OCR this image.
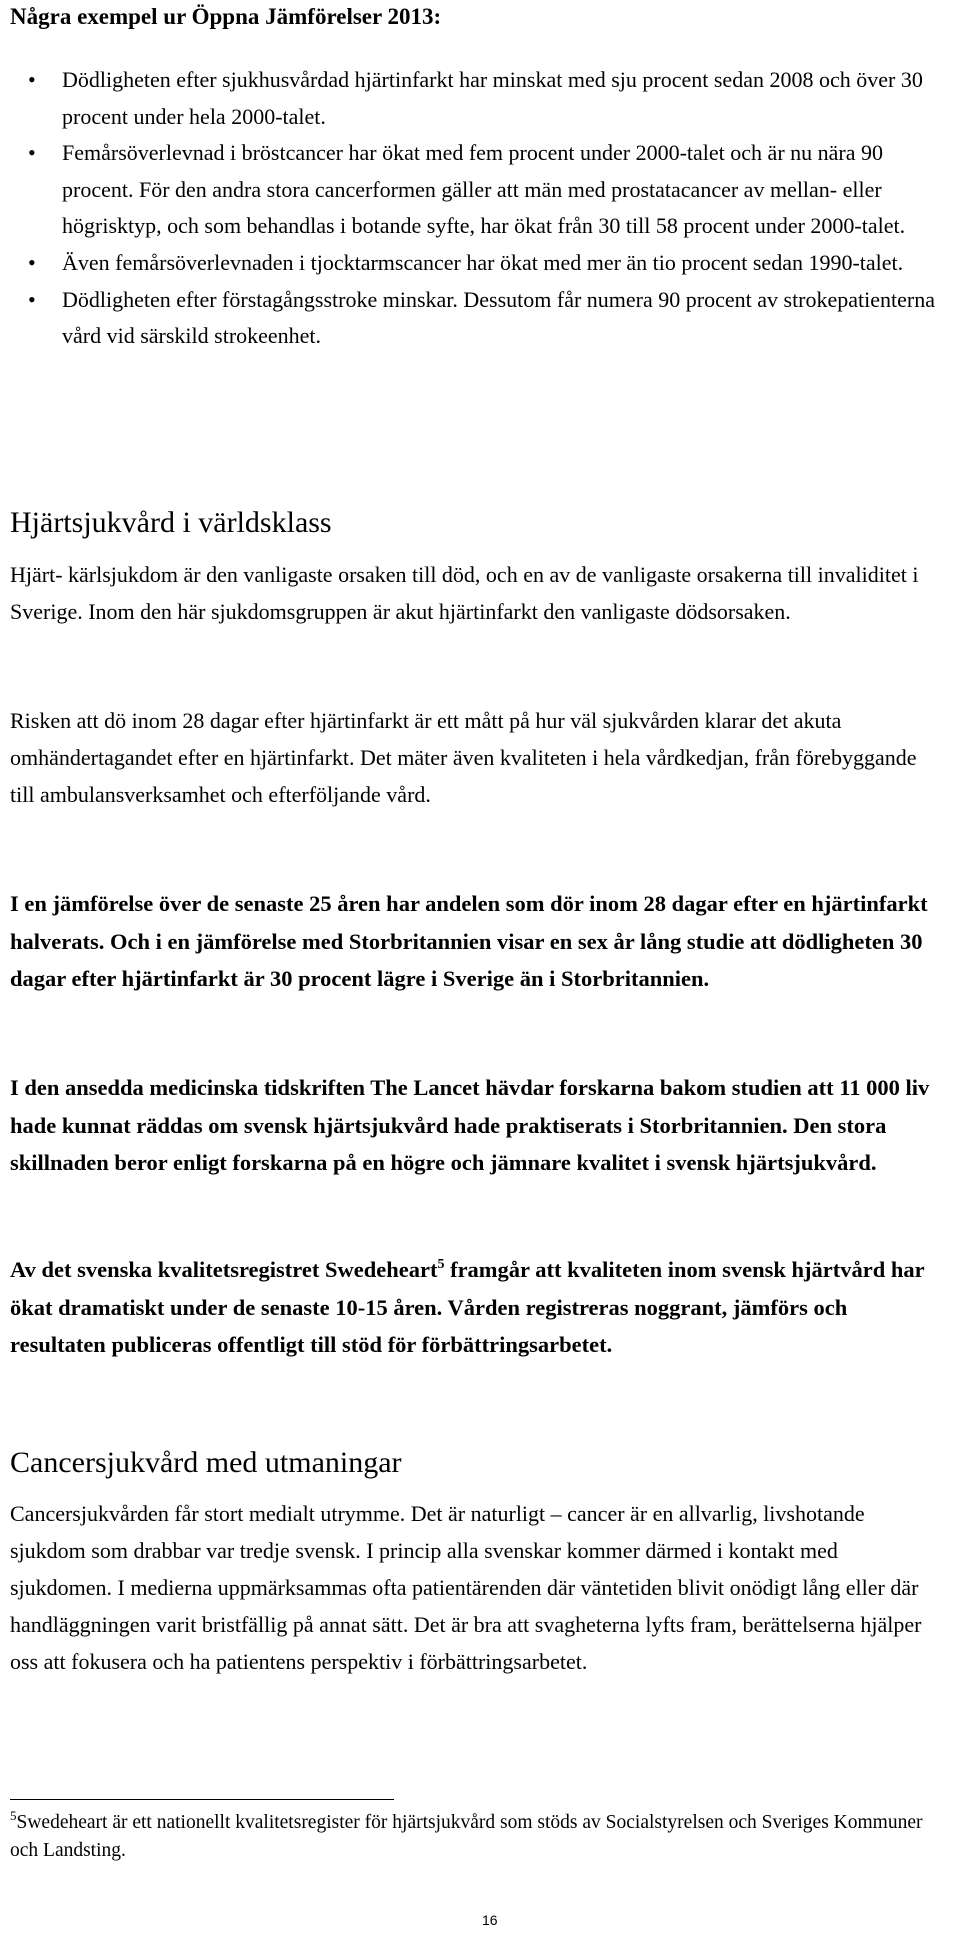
Några exempel ur Öppna Jämförelser 2013:
• Dödligheten efter sjukhusvårdad hjärtinfarkt har minskat med sju procent sedan 2008 och över 30 procent under hela 2000-talet.
• Femårsöverlevnad i bröstcancer har ökat med fem procent under 2000-talet och är nu nära 90 procent. För den andra stora cancerformen gäller att män med prostatacancer av mellan- eller högrisktyp, och som behandlas i botande syfte, har ökat från 30 till 58 procent under 2000-talet.
• Även femårsöverlevnaden i tjocktarmscancer har ökat med mer än tio procent sedan 1990-talet.
• Dödligheten efter förstagångsstroke minskar. Dessutom får numera 90 procent av strokepatienterna vård vid särskild strokeenhet.
Hjärtsjukvård i världsklass

Hjärt- kärlsjukdom är den vanligaste orsaken till död, och en av de vanligaste orsakerna till invaliditet i Sverige. Inom den här sjukdomsgruppen är akut hjärtinfarkt den vanligaste dödsorsaken.

Risken att dö inom 28 dagar efter hjärtinfarkt är ett mått på hur väl sjukvården klarar det akuta omhändertagandet efter en hjärtinfarkt. Det mäter även kvaliteten i hela vårdkedjan, från förebyggande till ambulansverksamhet och efterföljande vård.

I en jämförelse över de senaste 25 åren har andelen som dör inom 28 dagar efter en hjärtinfarkt halverats. Och i en jämförelse med Storbritannien visar en sex år lång studie att dödligheten 30 dagar efter hjärtinfarkt är 30 procent lägre i Sverige än i Storbritannien.

I den ansedda medicinska tidskriften The Lancet hävdar forskarna bakom studien att 11 000 liv hade kunnat räddas om svensk hjärtsjukvård hade praktiserats i Storbritannien. Den stora skillnaden beror enligt forskarna på en högre och jämnare kvalitet i svensk hjärtsjukvård.

Av det svenska kvalitetsregistret Swedeheart$^5$ framgår att kvaliteten inom svensk hjärtvård har ökat dramatiskt under de senaste 10-15 åren. Vården registreras noggrant, jämförs och resultaten publiceras offentligt till stöd för förbättringsarbetet.

Cancersjukvård med utmaningar

Cancersjukvården får stort medialt utrymme. Det är naturligt – cancer är en allvarlig, livshotande sjukdom som drabbar var tredje svensk. I princip alla svenskar kommer därmed i kontakt med sjukdomen. I medierna uppmärksammas ofta patientärenden där väntetiden blivit onödigt lång eller där handläggningen varit bristfällig på annat sätt. Det är bra att svagheterna lyfts fram, berättelserna hjälper oss att fokusera och ha patientens perspektiv i förbättringsarbetet.

$^5$Swedeheart är ett nationellt kvalitetsregister för hjärtsjukvård som stöds av Socialstyrelsen och Sveriges Kommuner och Landsting.

16
